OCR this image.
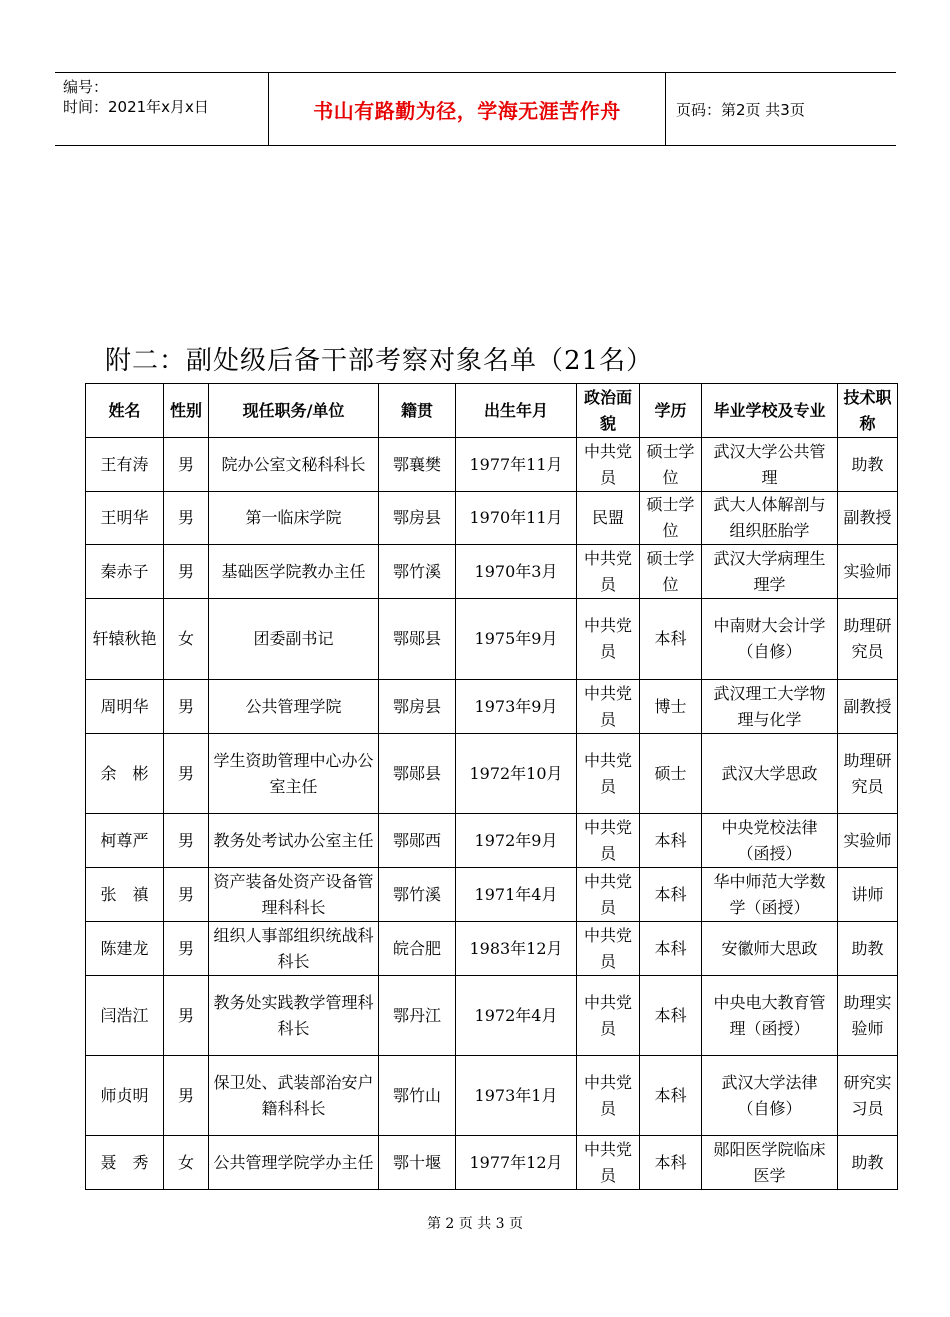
编号：
时间：2021年x月x日	书山有路勤为径，学海无涯苦作舟	页码：第2页 共3页
附二：副处级后备干部考察对象名单（21名）
姓名	性别	现任职务/单位	籍贯	出生年月	政治面貌	学历	毕业学校及专业	技术职称
王有涛	男	院办公室文秘科科长	鄂襄樊	1977年11月	中共党员	硕士学位	武汉大学公共管理	助教
王明华	男	第一临床学院	鄂房县	1970年11月	民盟	硕士学位	武大人体解剖与组织胚胎学	副教授
秦赤子	男	基础医学院教办主任	鄂竹溪	1970年3月	中共党员	硕士学位	武汉大学病理生理学	实验师
轩辕秋艳	女	团委副书记	鄂郧县	1975年9月	中共党员	本科	中南财大会计学（自修）	助理研究员
周明华	男	公共管理学院	鄂房县	1973年9月	中共党员	博士	武汉理工大学物理与化学	副教授
余　彬	男	学生资助管理中心办公室主任	鄂郧县	1972年10月	中共党员	硕士	武汉大学思政	助理研究员
柯尊严	男	教务处考试办公室主任	鄂郧西	1972年9月	中共党员	本科	中央党校法律（函授）	实验师
张　禛	男	资产装备处资产设备管理科科长	鄂竹溪	1971年4月	中共党员	本科	华中师范大学数学（函授）	讲师
陈建龙	男	组织人事部组织统战科科长	皖合肥	1983年12月	中共党员	本科	安徽师大思政	助教
闫浩江	男	教务处实践教学管理科科长	鄂丹江	1972年4月	中共党员	本科	中央电大教育管理（函授）	助理实验师
师贞明	男	保卫处、武装部治安户籍科科长	鄂竹山	1973年1月	中共党员	本科	武汉大学法律（自修）	研究实习员
聂　秀	女	公共管理学院学办主任	鄂十堰	1977年12月	中共党员	本科	郧阳医学院临床医学	助教
第 2 页 共 3 页
